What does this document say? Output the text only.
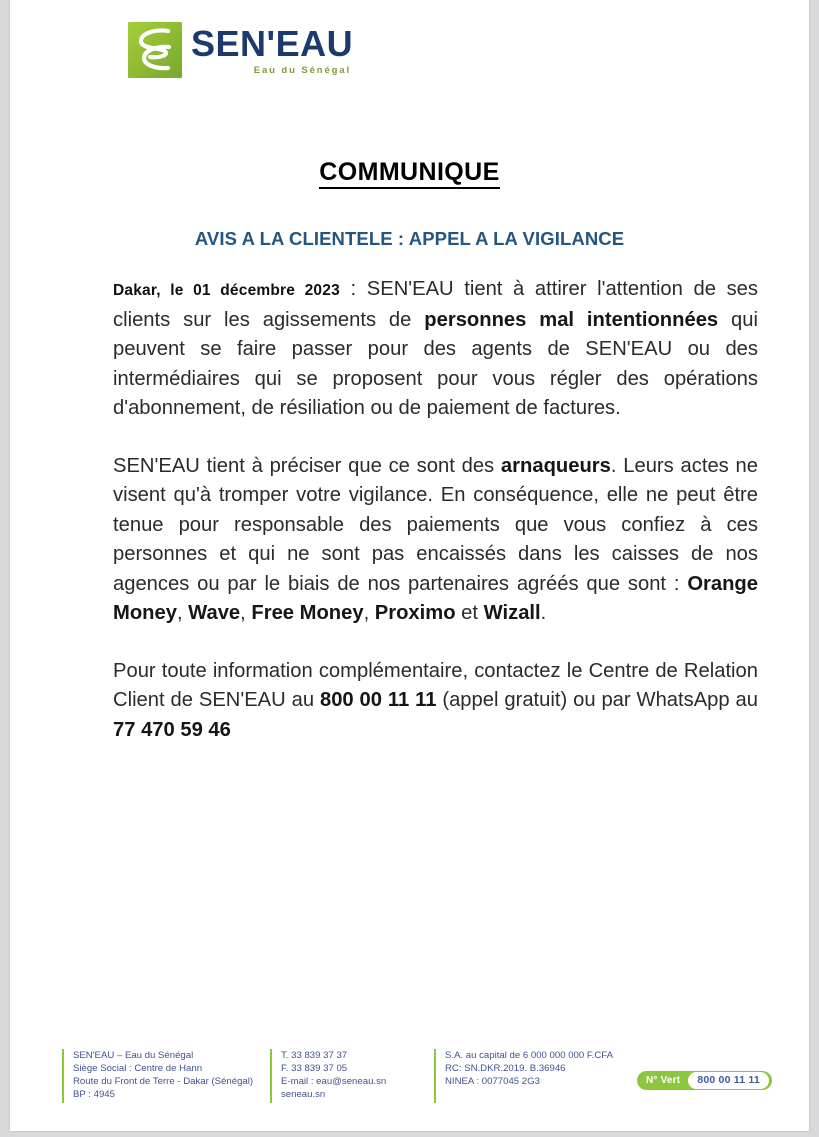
SEN'EAU
Eau du Sénégal
COMMUNIQUE
AVIS A LA CLIENTELE : APPEL A LA VIGILANCE

Dakar, le 01 décembre 2023 : SEN'EAU tient à attirer l'attention de ses clients sur les agissements de personnes mal intentionnées qui peuvent se faire passer pour des agents de SEN'EAU ou des intermédiaires qui se proposent pour vous régler des opérations d'abonnement, de résiliation ou de paiement de factures.

SEN'EAU tient à préciser que ce sont des arnaqueurs. Leurs actes ne visent qu'à tromper votre vigilance. En conséquence, elle ne peut être tenue pour responsable des paiements que vous confiez à ces personnes et qui ne sont pas encaissés dans les caisses de nos agences ou par le biais de nos partenaires agréés que sont : Orange Money, Wave, Free Money, Proximo et Wizall.

Pour toute information complémentaire, contactez le Centre de Relation Client de SEN'EAU au 800 00 11 11 (appel gratuit) ou par WhatsApp au 77 470 59 46

SEN'EAU – Eau du Sénégal
Siège Social : Centre de Hann
Route du Front de Terre - Dakar (Sénégal)
BP : 4945
T. 33 839 37 37
F. 33 839 37 05
E-mail : eau@seneau.sn
seneau.sn
S.A. au capital de 6 000 000 000 F.CFA
RC: SN.DKR.2019. B.36946
NINEA : 0077045 2G3	N° Vert	800 00 11 11
